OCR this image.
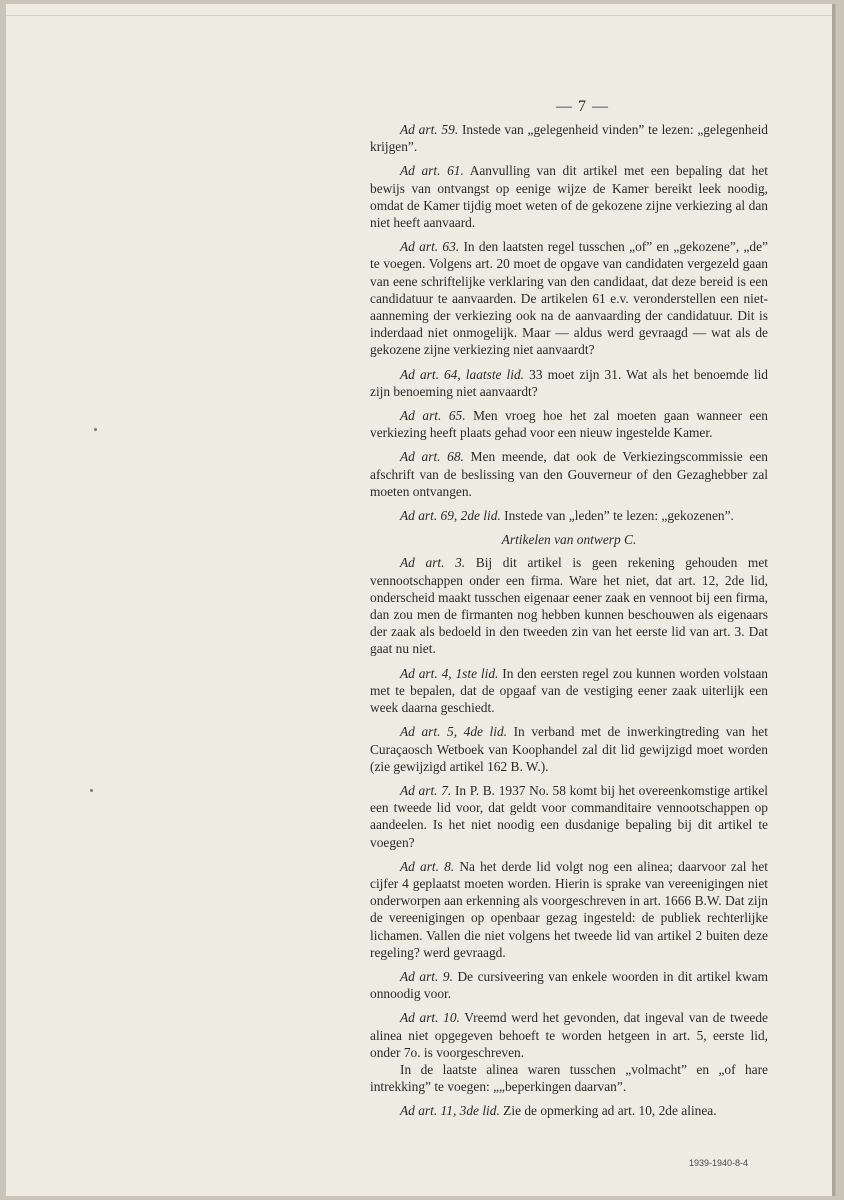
— 7 —

Ad art. 59. Instede van „gelegenheid vinden” te lezen: „gelegenheid krijgen”.

Ad art. 61. Aanvulling van dit artikel met een bepaling dat het bewijs van ontvangst op eenige wijze de Kamer bereikt leek noodig, omdat de Kamer tijdig moet weten of de gekozene zijne verkiezing al dan niet heeft aanvaard.

Ad art. 63. In den laatsten regel tusschen „of” en „gekozene”, „de” te voegen. Volgens art. 20 moet de opgave van candidaten vergezeld gaan van eene schriftelijke verklaring van den candidaat, dat deze bereid is een candidatuur te aanvaarden. De artikelen 61 e.v. veronderstellen een niet-aanneming der verkiezing ook na de aanvaarding der candidatuur. Dit is inderdaad niet onmogelijk. Maar — aldus werd gevraagd — wat als de gekozene zijne verkiezing niet aanvaardt?

Ad art. 64, laatste lid. 33 moet zijn 31. Wat als het benoemde lid zijn benoeming niet aanvaardt?

Ad art. 65. Men vroeg hoe het zal moeten gaan wanneer een verkiezing heeft plaats gehad voor een nieuw ingestelde Kamer.

Ad art. 68. Men meende, dat ook de Verkiezingscommissie een afschrift van de beslissing van den Gouverneur of den Gezaghebber zal moeten ontvangen.

Ad art. 69, 2de lid. Instede van „leden” te lezen: „gekozenen”.

Artikelen van ontwerp C.

Ad art. 3. Bij dit artikel is geen rekening gehouden met vennootschappen onder een firma. Ware het niet, dat art. 12, 2de lid, onderscheid maakt tusschen eigenaar eener zaak en vennoot bij een firma, dan zou men de firmanten nog hebben kunnen beschouwen als eigenaars der zaak als bedoeld in den tweeden zin van het eerste lid van art. 3. Dat gaat nu niet.

Ad art. 4, 1ste lid. In den eersten regel zou kunnen worden volstaan met te bepalen, dat de opgaaf van de vestiging eener zaak uiterlijk een week daarna geschiedt.

Ad art. 5, 4de lid. In verband met de inwerkingtreding van het Curaçaosch Wetboek van Koophandel zal dit lid gewijzigd moet worden (zie gewijzigd artikel 162 B. W.).

Ad art. 7. In P. B. 1937 No. 58 komt bij het overeenkomstige artikel een tweede lid voor, dat geldt voor commanditaire vennootschappen op aandeelen. Is het niet noodig een dusdanige bepaling bij dit artikel te voegen?

Ad art. 8. Na het derde lid volgt nog een alinea; daarvoor zal het cijfer 4 geplaatst moeten worden. Hierin is sprake van vereenigingen niet onderworpen aan erkenning als voorgeschreven in art. 1666 B.W. Dat zijn de vereenigingen op openbaar gezag ingesteld: de publiek rechterlijke lichamen. Vallen die niet volgens het tweede lid van artikel 2 buiten deze regeling? werd gevraagd.

Ad art. 9. De cursiveering van enkele woorden in dit artikel kwam onnoodig voor.

Ad art. 10. Vreemd werd het gevonden, dat ingeval van de tweede alinea niet opgegeven behoeft te worden hetgeen in art. 5, eerste lid, onder 7o. is voorgeschreven.

In de laatste alinea waren tusschen „volmacht” en „of hare intrekking” te voegen: „„beperkingen daarvan”.

Ad art. 11, 3de lid. Zie de opmerking ad art. 10, 2de alinea.

1939-1940-8-4
